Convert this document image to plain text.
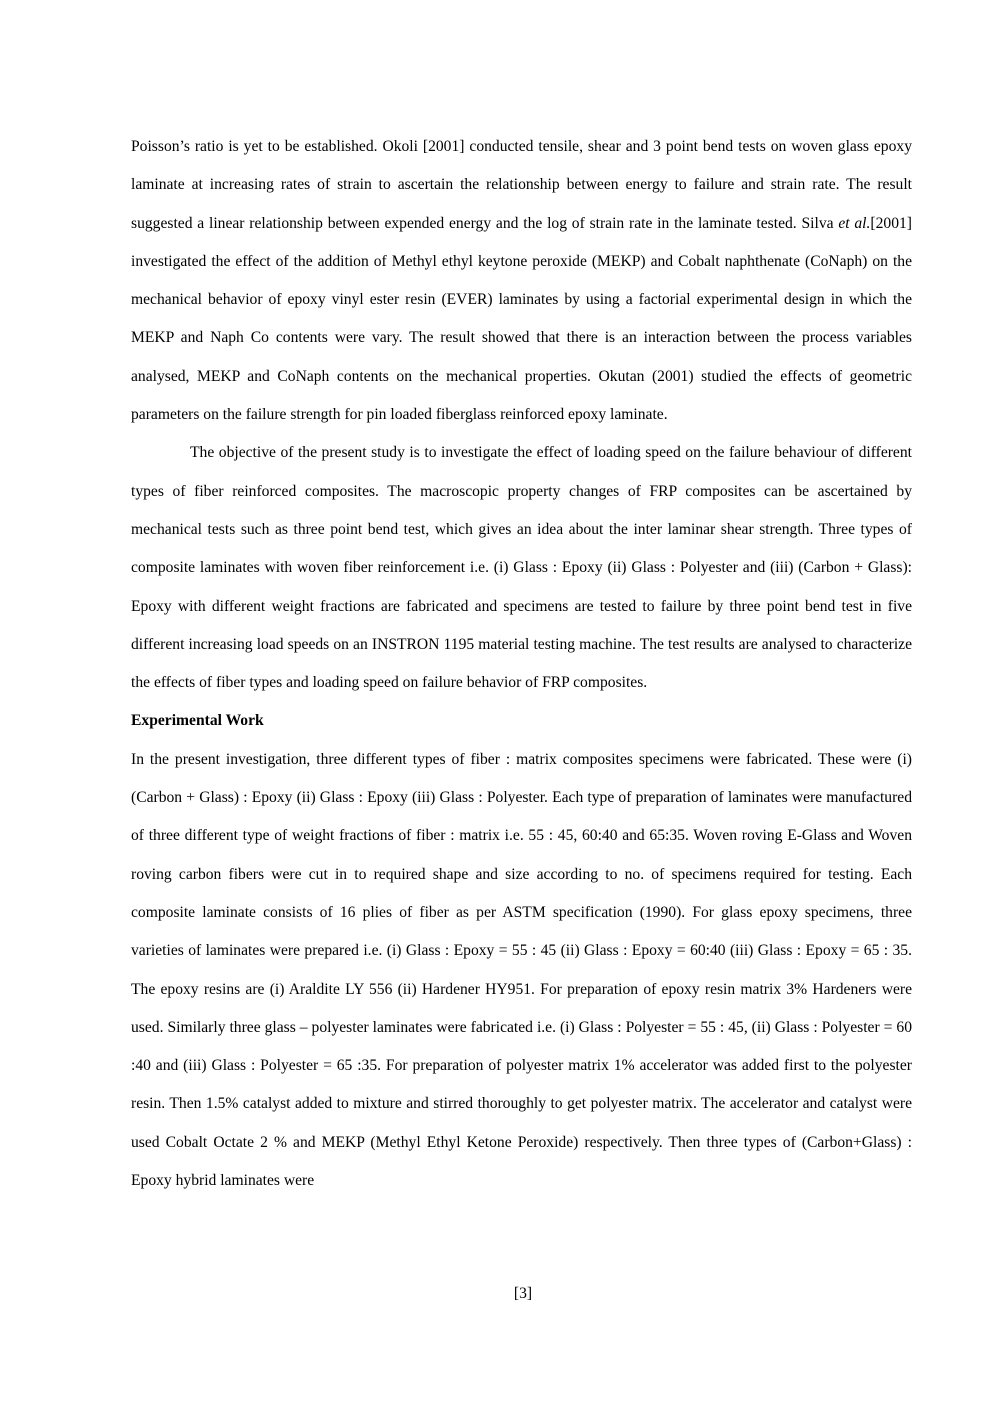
Poisson’s ratio is yet to be established. Okoli [2001] conducted tensile, shear and 3 point bend tests on woven glass epoxy laminate at increasing rates of strain to ascertain the relationship between energy to failure and strain rate. The result suggested a linear relationship between expended energy and the log of strain rate in the laminate tested. Silva et al.[2001] investigated the effect of the addition of Methyl ethyl keytone peroxide (MEKP) and Cobalt naphthenate (CoNaph) on the mechanical behavior of epoxy vinyl ester resin (EVER) laminates by using a factorial experimental design in which the MEKP and Naph Co contents were vary. The result showed that there is an interaction between the process variables analysed, MEKP and CoNaph contents on the mechanical properties. Okutan (2001) studied the effects of geometric parameters on the failure strength for pin loaded fiberglass reinforced epoxy laminate.

The objective of the present study is to investigate the effect of loading speed on the failure behaviour of different types of fiber reinforced composites. The macroscopic property changes of FRP composites can be ascertained by mechanical tests such as three point bend test, which gives an idea about the inter laminar shear strength. Three types of composite laminates with woven fiber reinforcement i.e. (i) Glass : Epoxy (ii) Glass : Polyester and (iii) (Carbon + Glass): Epoxy with different weight fractions are fabricated and specimens are tested to failure by three point bend test in five different increasing load speeds on an INSTRON 1195 material testing machine. The test results are analysed to characterize the effects of fiber types and loading speed on failure behavior of FRP composites.

Experimental Work

In the present investigation, three different types of fiber : matrix composites specimens were fabricated. These were (i) (Carbon + Glass) : Epoxy (ii) Glass : Epoxy (iii) Glass : Polyester. Each type of preparation of laminates were manufactured of three different type of weight fractions of fiber : matrix i.e. 55 : 45, 60:40 and 65:35. Woven roving E-Glass and Woven roving carbon fibers were cut in to required shape and size according to no. of specimens required for testing. Each composite laminate consists of 16 plies of fiber as per ASTM specification (1990). For glass epoxy specimens, three varieties of laminates were prepared i.e. (i) Glass : Epoxy = 55 : 45 (ii) Glass : Epoxy = 60:40 (iii) Glass : Epoxy = 65 : 35. The epoxy resins are (i) Araldite LY 556 (ii) Hardener HY951. For preparation of epoxy resin matrix 3% Hardeners were used. Similarly three glass – polyester laminates were fabricated i.e. (i) Glass : Polyester = 55 : 45, (ii) Glass : Polyester = 60 :40 and (iii) Glass : Polyester = 65 :35. For preparation of polyester matrix 1% accelerator was added first to the polyester resin. Then 1.5% catalyst added to mixture and stirred thoroughly to get polyester matrix. The accelerator and catalyst were used Cobalt Octate 2 % and MEKP (Methyl Ethyl Ketone Peroxide) respectively. Then three types of (Carbon+Glass) : Epoxy hybrid laminates were

[3]
